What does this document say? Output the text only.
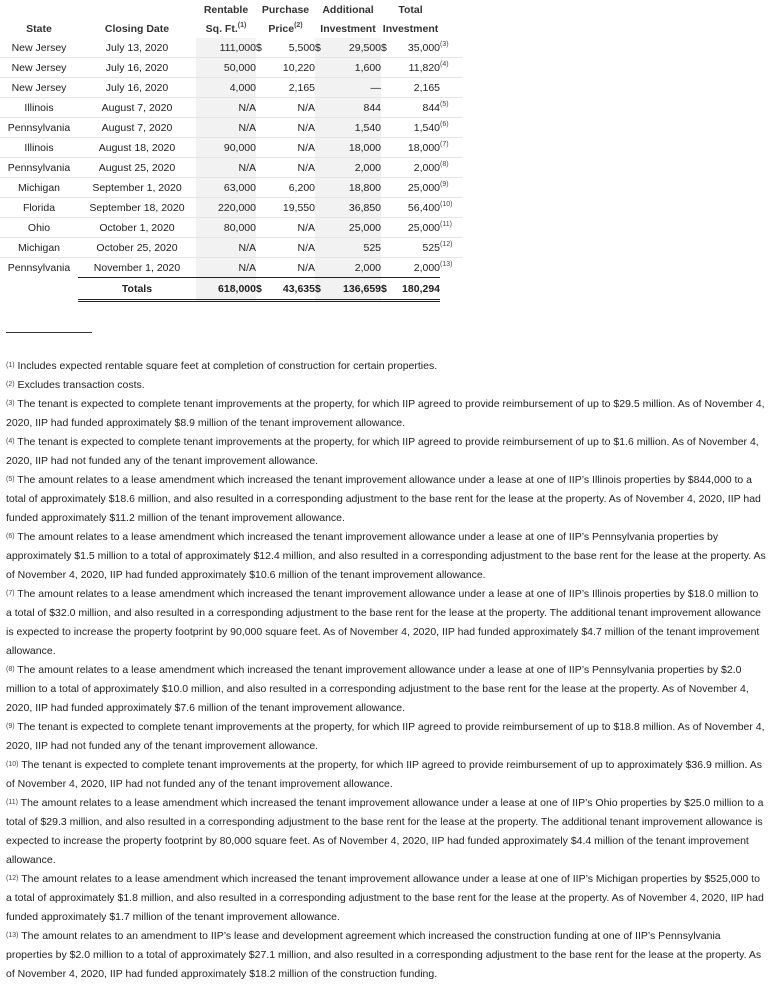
		Rentable	Purchase		Additional		Total		
State	Closing Date	Sq. Ft.$^{(1)}$	Price$^{(2)}$		Investment		Investment		
New Jersey	July 13, 2020	111,000	$	5,500	$	29,500	$	35,000	$^{(3)}$
New Jersey	July 16, 2020	50,000		10,220		1,600		11,820	$^{(4)}$
New Jersey	July 16, 2020	4,000		2,165		—		2,165	
Illinois	August 7, 2020	N/A		N/A		844		844	$^{(5)}$
Pennsylvania	August 7, 2020	N/A		N/A		1,540		1,540	$^{(6)}$
Illinois	August 18, 2020	90,000		N/A		18,000		18,000	$^{(7)}$
Pennsylvania	August 25, 2020	N/A		N/A		2,000		2,000	$^{(8)}$
Michigan	September 1, 2020	63,000		6,200		18,800		25,000	$^{(9)}$
Florida	September 18, 2020	220,000		19,550		36,850		56,400	$^{(10)}$
Ohio	October 1, 2020	80,000		N/A		25,000		25,000	$^{(11)}$
Michigan	October 25, 2020	N/A		N/A		525		525	$^{(12)}$
Pennsylvania	November 1, 2020	N/A		N/A		2,000		2,000	$^{(13)}$
	Totals	618,000	$	43,635	$	136,659	$	180,294	

$^{(1)}$ Includes expected rentable square feet at completion of construction for certain properties.

$^{(2)}$ Excludes transaction costs.

$^{(3)}$ The tenant is expected to complete tenant improvements at the property, for which IIP agreed to provide reimbursement of up to $29.5 million. As of November 4, 2020, IIP had funded approximately $8.9 million of the tenant improvement allowance.

$^{(4)}$ The tenant is expected to complete tenant improvements at the property, for which IIP agreed to provide reimbursement of up to $1.6 million. As of November 4, 2020, IIP had not funded any of the tenant improvement allowance.

$^{(5)}$ The amount relates to a lease amendment which increased the tenant improvement allowance under a lease at one of IIP’s Illinois properties by $844,000 to a total of approximately $18.6 million, and also resulted in a corresponding adjustment to the base rent for the lease at the property. As of November 4, 2020, IIP had funded approximately $11.2 million of the tenant improvement allowance.

$^{(6)}$ The amount relates to a lease amendment which increased the tenant improvement allowance under a lease at one of IIP’s Pennsylvania properties by approximately $1.5 million to a total of approximately $12.4 million, and also resulted in a corresponding adjustment to the base rent for the lease at the property. As of November 4, 2020, IIP had funded approximately $10.6 million of the tenant improvement allowance.

$^{(7)}$ The amount relates to a lease amendment which increased the tenant improvement allowance under a lease at one of IIP’s Illinois properties by $18.0 million to a total of $32.0 million, and also resulted in a corresponding adjustment to the base rent for the lease at the property. The additional tenant improvement allowance is expected to increase the property footprint by 90,000 square feet. As of November 4, 2020, IIP had funded approximately $4.7 million of the tenant improvement allowance.

$^{(8)}$ The amount relates to a lease amendment which increased the tenant improvement allowance under a lease at one of IIP’s Pennsylvania properties by $2.0 million to a total of approximately $10.0 million, and also resulted in a corresponding adjustment to the base rent for the lease at the property. As of November 4, 2020, IIP had funded approximately $7.6 million of the tenant improvement allowance.

$^{(9)}$ The tenant is expected to complete tenant improvements at the property, for which IIP agreed to provide reimbursement of up to $18.8 million. As of November 4, 2020, IIP had not funded any of the tenant improvement allowance.

$^{(10)}$ The tenant is expected to complete tenant improvements at the property, for which IIP agreed to provide reimbursement of up to approximately $36.9 million. As of November 4, 2020, IIP had not funded any of the tenant improvement allowance.

$^{(11)}$ The amount relates to a lease amendment which increased the tenant improvement allowance under a lease at one of IIP’s Ohio properties by $25.0 million to a total of $29.3 million, and also resulted in a corresponding adjustment to the base rent for the lease at the property. The additional tenant improvement allowance is expected to increase the property footprint by 80,000 square feet. As of November 4, 2020, IIP had funded approximately $4.4 million of the tenant improvement allowance.

$^{(12)}$ The amount relates to a lease amendment which increased the tenant improvement allowance under a lease at one of IIP’s Michigan properties by $525,000 to a total of approximately $1.8 million, and also resulted in a corresponding adjustment to the base rent for the lease at the property. As of November 4, 2020, IIP had funded approximately $1.7 million of the tenant improvement allowance.

$^{(13)}$ The amount relates to an amendment to IIP’s lease and development agreement which increased the construction funding at one of IIP’s Pennsylvania properties by $2.0 million to a total of approximately $27.1 million, and also resulted in a corresponding adjustment to the base rent for the lease at the property. As of November 4, 2020, IIP had funded approximately $18.2 million of the construction funding.
